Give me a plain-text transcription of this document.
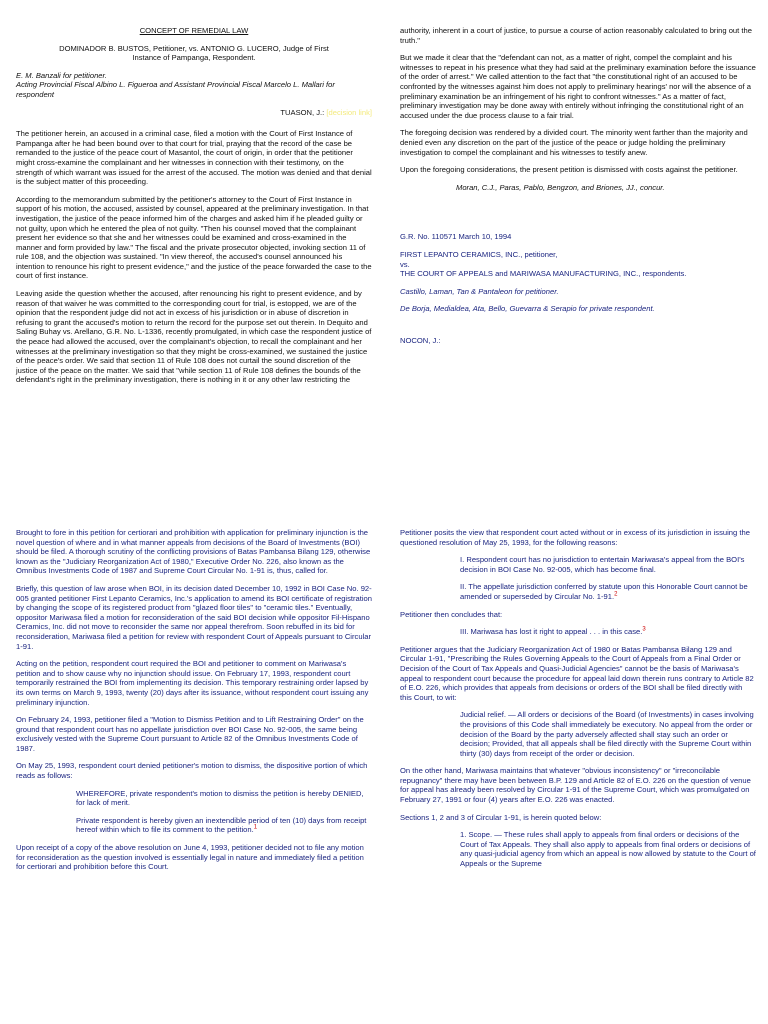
CONCEPT OF REMEDIAL LAW

DOMINADOR B. BUSTOS, Petitioner, vs. ANTONIO G. LUCERO, Judge of First Instance of Pampanga, Respondent.

E. M. Banzali for petitioner.

Acting Provincial Fiscal Albino L. Figueroa and Assistant Provincial Fiscal Marcelo L. Mallari for respondent

TUASON, J.: [decision link]

The petitioner herein, an accused in a criminal case, filed a motion with the Court of First Instance of Pampanga after he had been bound over to that court for trial, praying that the record of the case be remanded to the justice of the peace court of Masantol, the court of origin, in order that the petitioner might cross-examine the complainant and her witnesses in connection with their testimony, on the strength of which warrant was issued for the arrest of the accused. The motion was denied and that denial is the subject matter of this proceeding.

According to the memorandum submitted by the petitioner's attorney to the Court of First Instance in support of his motion, the accused, assisted by counsel, appeared at the preliminary investigation. In that investigation, the justice of the peace informed him of the charges and asked him if he pleaded guilty or not guilty, upon which he entered the plea of not guilty. "Then his counsel moved that the complainant present her evidence so that she and her witnesses could be examined and cross-examined in the manner and form provided by law." The fiscal and the private prosecutor objected, invoking section 11 of rule 108, and the objection was sustained. "In view thereof, the accused's counsel announced his intention to renounce his right to present evidence," and the justice of the peace forwarded the case to the court of first instance.

Leaving aside the question whether the accused, after renouncing his right to present evidence, and by reason of that waiver he was committed to the corresponding court for trial, is estopped, we are of the opinion that the respondent judge did not act in excess of his jurisdiction or in abuse of discretion in refusing to grant the accused's motion to return the record for the purpose set out therein. In Dequito and Saling Buhay vs. Arellano, G.R. No. L-1336, recently promulgated, in which case the respondent justice of the peace had allowed the accused, over the complainant's objection, to recall the complainant and her witnesses at the preliminary investigation so that they might be cross-examined, we sustained the justice of the peace's order. We said that section 11 of Rule 108 does not curtail the sound discretion of the justice of the peace on the matter. We said that "while section 11 of Rule 108 defines the bounds of the defendant's right in the preliminary investigation, there is nothing in it or any other law restricting the

authority, inherent in a court of justice, to pursue a course of action reasonably calculated to bring out the truth."

But we made it clear that the "defendant can not, as a matter of right, compel the complaint and his witnesses to repeat in his presence what they had said at the preliminary examination before the issuance of the order of arrest." We called attention to the fact that "the constitutional right of an accused to be confronted by the witnesses against him does not apply to preliminary hearings' nor will the absence of a preliminary examination be an infringement of his right to confront witnesses." As a matter of fact, preliminary investigation may be done away with entirely without infringing the constitutional right of an accused under the due process clause to a fair trial.

The foregoing decision was rendered by a divided court. The minority went farther than the majority and denied even any discretion on the part of the justice of the peace or judge holding the preliminary investigation to compel the complainant and his witnesses to testify anew.

Upon the foregoing considerations, the present petition is dismissed with costs against the petitioner.

Moran, C.J., Paras, Pablo, Bengzon, and Briones, JJ., concur.

G.R. No. 110571 March 10, 1994

FIRST LEPANTO CERAMICS, INC., petitioner,

vs.

THE COURT OF APPEALS and MARIWASA MANUFACTURING, INC., respondents.

Castillo, Laman, Tan & Pantaleon for petitioner.

De Borja, Medialdea, Ata, Bello, Guevarra & Serapio for private respondent.

NOCON, J.:

Brought to fore in this petition for certiorari and prohibition with application for preliminary injunction is the novel question of where and in what manner appeals from decisions of the Board of Investments (BOI) should be filed. A thorough scrutiny of the conflicting provisions of Batas Pambansa Bilang 129, otherwise known as the "Judiciary Reorganization Act of 1980," Executive Order No. 226, also known as the Omnibus Investments Code of 1987 and Supreme Court Circular No. 1-91 is, thus, called for.

Briefly, this question of law arose when BOI, in its decision dated December 10, 1992 in BOI Case No. 92-005 granted petitioner First Lepanto Ceramics, Inc.'s application to amend its BOI certificate of registration by changing the scope of its registered product from "glazed floor tiles" to "ceramic tiles." Eventually, oppositor Mariwasa filed a motion for reconsideration of the said BOI decision while oppositor Fil-Hispano Ceramics, Inc. did not move to reconsider the same nor appeal therefrom. Soon rebuffed in its bid for reconsideration, Mariwasa filed a petition for review with respondent Court of Appeals pursuant to Circular 1-91.

Acting on the petition, respondent court required the BOI and petitioner to comment on Mariwasa's petition and to show cause why no injunction should issue. On February 17, 1993, respondent court temporarily restrained the BOI from implementing its decision. This temporary restraining order lapsed by its own terms on March 9, 1993, twenty (20) days after its issuance, without respondent court issuing any preliminary injunction.

On February 24, 1993, petitioner filed a "Motion to Dismiss Petition and to Lift Restraining Order" on the ground that respondent court has no appellate jurisdiction over BOI Case No. 92-005, the same being exclusively vested with the Supreme Court pursuant to Article 82 of the Omnibus Investments Code of 1987.

On May 25, 1993, respondent court denied petitioner's motion to dismiss, the dispositive portion of which reads as follows:

WHEREFORE, private respondent's motion to dismiss the petition is hereby DENIED, for lack of merit.

Private respondent is hereby given an inextendible period of ten (10) days from receipt hereof within which to file its comment to the petition.$^1$

Upon receipt of a copy of the above resolution on June 4, 1993, petitioner decided not to file any motion for reconsideration as the question involved is essentially legal in nature and immediately filed a petition for certiorari and prohibition before this Court.

Petitioner posits the view that respondent court acted without or in excess of its jurisdiction in issuing the questioned resolution of May 25, 1993, for the following reasons:

I. Respondent court has no jurisdiction to entertain Mariwasa's appeal from the BOI's decision in BOI Case No. 92-005, which has become final.

II. The appellate jurisdiction conferred by statute upon this Honorable Court cannot be amended or superseded by Circular No. 1-91.$^2$

Petitioner then concludes that:

III. Mariwasa has lost it right to appeal . . . in this case.$^3$

Petitioner argues that the Judiciary Reorganization Act of 1980 or Batas Pambansa Bilang 129 and Circular 1-91, "Prescribing the Rules Governing Appeals to the Court of Appeals from a Final Order or Decision of the Court of Tax Appeals and Quasi-Judicial Agencies" cannot be the basis of Mariwasa's appeal to respondent court because the procedure for appeal laid down therein runs contrary to Article 82 of E.O. 226, which provides that appeals from decisions or orders of the BOI shall be filed directly with this Court, to wit:

Judicial relief. — All orders or decisions of the Board (of Investments) in cases involving the provisions of this Code shall immediately be executory. No appeal from the order or decision of the Board by the party adversely affected shall stay such an order or decision; Provided, that all appeals shall be filed directly with the Supreme Court within thirty (30) days from receipt of the order or decision.

On the other hand, Mariwasa maintains that whatever "obvious inconsistency" or "irreconcilable repugnancy" there may have been between B.P. 129 and Article 82 of E.O. 226 on the question of venue for appeal has already been resolved by Circular 1-91 of the Supreme Court, which was promulgated on February 27, 1991 or four (4) years after E.O. 226 was enacted.

Sections 1, 2 and 3 of Circular 1-91, is herein quoted below:

1. Scope. — These rules shall apply to appeals from final orders or decisions of the Court of Tax Appeals. They shall also apply to appeals from final orders or decisions of any quasi-judicial agency from which an appeal is now allowed by statute to the Court of Appeals or the Supreme
